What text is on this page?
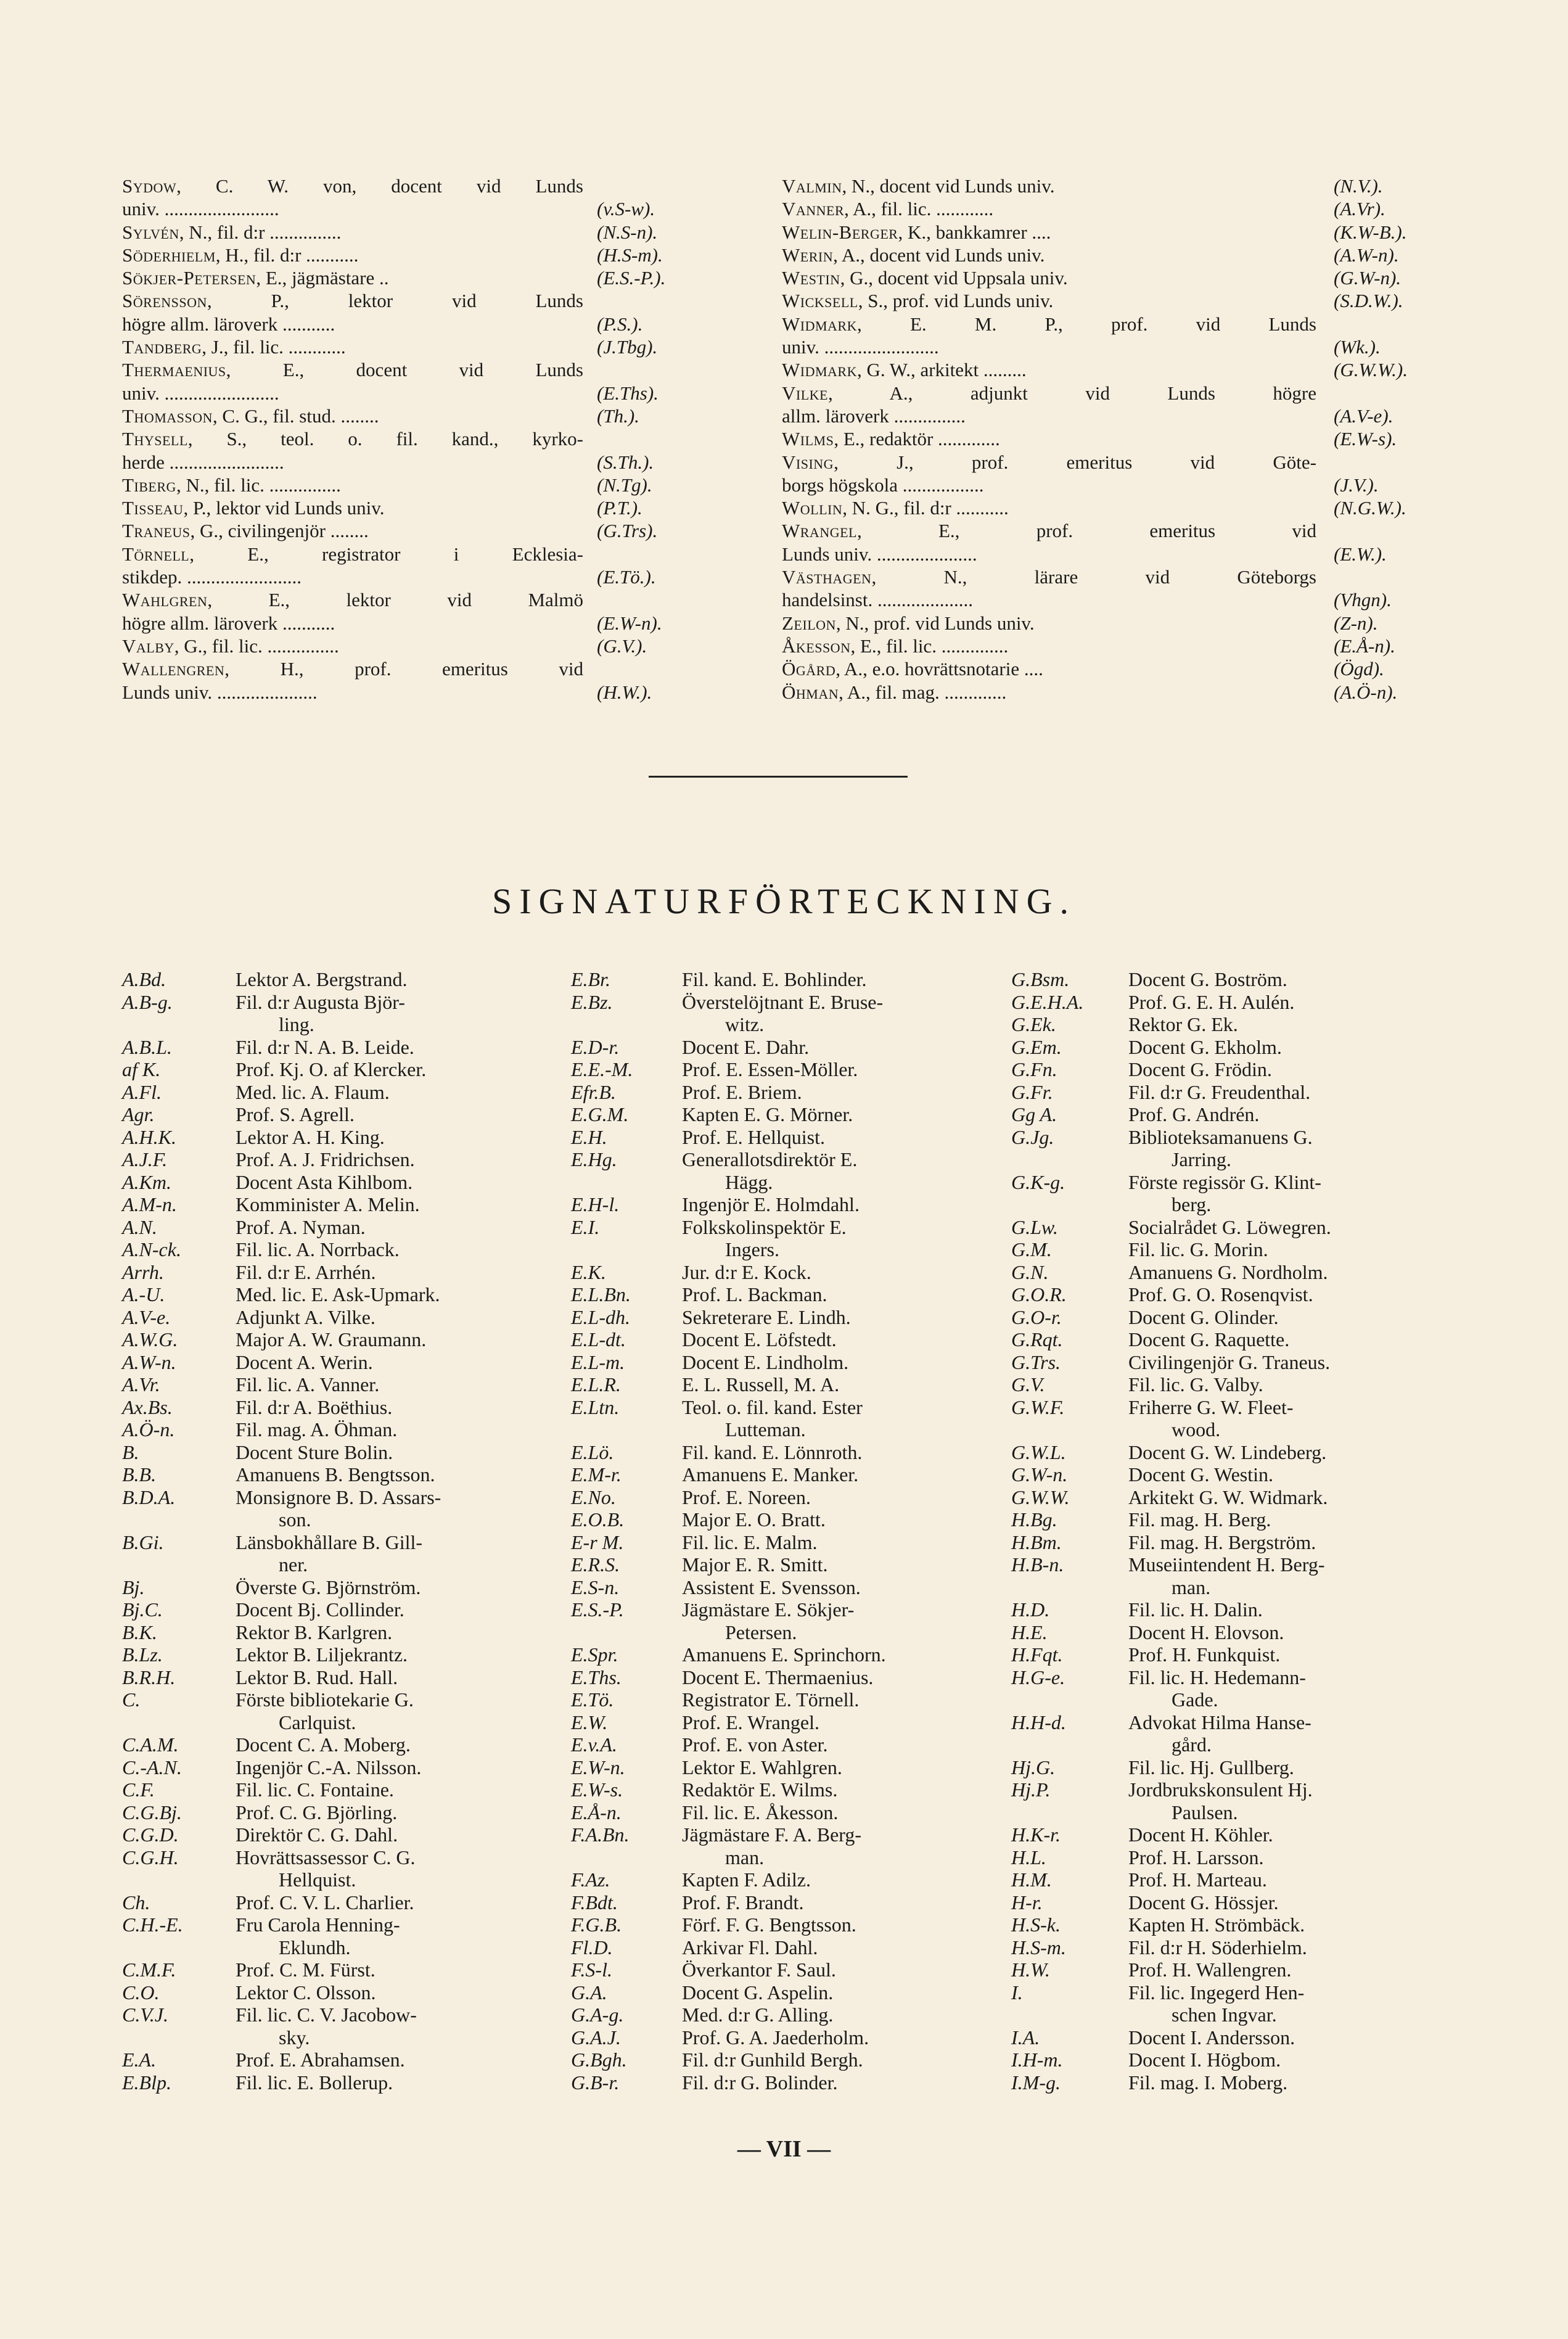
Sydow, C. W. von, docent vid Lunds
univ. ........................	(v.S-w).
Sylvén, N., fil. d:r ...............	(N.S-n).
Söderhielm, H., fil. d:r ...........	(H.S-m).
Sökjer-Petersen, E., jägmästare ..	(E.S.-P.).
Sörensson, P., lektor vid Lunds
högre allm. läroverk ...........	(P.S.).
Tandberg, J., fil. lic. ............	(J.Tbg).
Thermaenius, E., docent vid Lunds
univ. ........................	(E.Ths).
Thomasson, C. G., fil. stud. ........	(Th.).
Thysell, S., teol. o. fil. kand., kyrko-
herde ........................	(S.Th.).
Tiberg, N., fil. lic. ...............	(N.Tg).
Tisseau, P., lektor vid Lunds univ.	(P.T.).
Traneus, G., civilingenjör ........	(G.Trs).
Törnell, E., registrator i Ecklesia-
stikdep. ........................	(E.Tö.).
Wahlgren, E., lektor vid Malmö
högre allm. läroverk ...........	(E.W-n).
Valby, G., fil. lic. ...............	(G.V.).
Wallengren, H., prof. emeritus vid
Lunds univ. .....................	(H.W.).
Valmin, N., docent vid Lunds univ.	(N.V.).
Vanner, A., fil. lic. ............	(A.Vr).
Welin-Berger, K., bankkamrer ....	(K.W-B.).
Werin, A., docent vid Lunds univ.	(A.W-n).
Westin, G., docent vid Uppsala univ.	(G.W-n).
Wicksell, S., prof. vid Lunds univ.	(S.D.W.).
Widmark, E. M. P., prof. vid Lunds
univ. ........................	(Wk.).
Widmark, G. W., arkitekt .........	(G.W.W.).
Vilke, A., adjunkt vid Lunds högre
allm. läroverk ...............	(A.V-e).
Wilms, E., redaktör .............	(E.W-s).
Vising, J., prof. emeritus vid Göte-
borgs högskola .................	(J.V.).
Wollin, N. G., fil. d:r ...........	(N.G.W.).
Wrangel, E., prof. emeritus vid
Lunds univ. .....................	(E.W.).
Västhagen, N., lärare vid Göteborgs
handelsinst. ....................	(Vhgn).
Zeilon, N., prof. vid Lunds univ.	(Z-n).
Åkesson, E., fil. lic. ..............	(E.Å-n).
Ögård, A., e.o. hovrättsnotarie ....	(Ögd).
Öhman, A., fil. mag. .............	(A.Ö-n).
SIGNATURFÖRTECKNING.
A.Bd.	Lektor A. Bergstrand.
A.B-g.	Fil. d:r Augusta Björ-
ling.
A.B.L.	Fil. d:r N. A. B. Leide.
af K.	Prof. Kj. O. af Klercker.
A.Fl.	Med. lic. A. Flaum.
Agr.	Prof. S. Agrell.
A.H.K.	Lektor A. H. King.
A.J.F.	Prof. A. J. Fridrichsen.
A.Km.	Docent Asta Kihlbom.
A.M-n.	Komminister A. Melin.
A.N.	Prof. A. Nyman.
A.N-ck.	Fil. lic. A. Norrback.
Arrh.	Fil. d:r E. Arrhén.
A.-U.	Med. lic. E. Ask-Upmark.
A.V-e.	Adjunkt A. Vilke.
A.W.G.	Major A. W. Graumann.
A.W-n.	Docent A. Werin.
A.Vr.	Fil. lic. A. Vanner.
Ax.Bs.	Fil. d:r A. Boëthius.
A.Ö-n.	Fil. mag. A. Öhman.
B.	Docent Sture Bolin.
B.B.	Amanuens B. Bengtsson.
B.D.A.	Monsignore B. D. Assars-
son.
B.Gi.	Länsbokhållare B. Gill-
ner.
Bj.	Överste G. Björnström.
Bj.C.	Docent Bj. Collinder.
B.K.	Rektor B. Karlgren.
B.Lz.	Lektor B. Liljekrantz.
B.R.H.	Lektor B. Rud. Hall.
C.	Förste bibliotekarie G.
Carlquist.
C.A.M.	Docent C. A. Moberg.
C.-A.N.	Ingenjör C.-A. Nilsson.
C.F.	Fil. lic. C. Fontaine.
C.G.Bj.	Prof. C. G. Björling.
C.G.D.	Direktör C. G. Dahl.
C.G.H.	Hovrättsassessor C. G.
Hellquist.
Ch.	Prof. C. V. L. Charlier.
C.H.-E.	Fru Carola Henning-
Eklundh.
C.M.F.	Prof. C. M. Fürst.
C.O.	Lektor C. Olsson.
C.V.J.	Fil. lic. C. V. Jacobow-
sky.
E.A.	Prof. E. Abrahamsen.
E.Blp.	Fil. lic. E. Bollerup.
E.Br.	Fil. kand. E. Bohlinder.
E.Bz.	Överstelöjtnant E. Bruse-
witz.
E.D-r.	Docent E. Dahr.
E.E.-M.	Prof. E. Essen-Möller.
Efr.B.	Prof. E. Briem.
E.G.M.	Kapten E. G. Mörner.
E.H.	Prof. E. Hellquist.
E.Hg.	Generallotsdirektör E.
Hägg.
E.H-l.	Ingenjör E. Holmdahl.
E.I.	Folkskolinspektör E.
Ingers.
E.K.	Jur. d:r E. Kock.
E.L.Bn.	Prof. L. Backman.
E.L-dh.	Sekreterare E. Lindh.
E.L-dt.	Docent E. Löfstedt.
E.L-m.	Docent E. Lindholm.
E.L.R.	E. L. Russell, M. A.
E.Ltn.	Teol. o. fil. kand. Ester
Lutteman.
E.Lö.	Fil. kand. E. Lönnroth.
E.M-r.	Amanuens E. Manker.
E.No.	Prof. E. Noreen.
E.O.B.	Major E. O. Bratt.
E-r M.	Fil. lic. E. Malm.
E.R.S.	Major E. R. Smitt.
E.S-n.	Assistent E. Svensson.
E.S.-P.	Jägmästare E. Sökjer-
Petersen.
E.Spr.	Amanuens E. Sprinchorn.
E.Ths.	Docent E. Thermaenius.
E.Tö.	Registrator E. Törnell.
E.W.	Prof. E. Wrangel.
E.v.A.	Prof. E. von Aster.
E.W-n.	Lektor E. Wahlgren.
E.W-s.	Redaktör E. Wilms.
E.Å-n.	Fil. lic. E. Åkesson.
F.A.Bn.	Jägmästare F. A. Berg-
man.
F.Az.	Kapten F. Adilz.
F.Bdt.	Prof. F. Brandt.
F.G.B.	Förf. F. G. Bengtsson.
Fl.D.	Arkivar Fl. Dahl.
F.S-l.	Överkantor F. Saul.
G.A.	Docent G. Aspelin.
G.A-g.	Med. d:r G. Alling.
G.A.J.	Prof. G. A. Jaederholm.
G.Bgh.	Fil. d:r Gunhild Bergh.
G.B-r.	Fil. d:r G. Bolinder.
G.Bsm.	Docent G. Boström.
G.E.H.A.	Prof. G. E. H. Aulén.
G.Ek.	Rektor G. Ek.
G.Em.	Docent G. Ekholm.
G.Fn.	Docent G. Frödin.
G.Fr.	Fil. d:r G. Freudenthal.
Gg A.	Prof. G. Andrén.
G.Jg.	Biblioteksamanuens G.
Jarring.
G.K-g.	Förste regissör G. Klint-
berg.
G.Lw.	Socialrådet G. Löwegren.
G.M.	Fil. lic. G. Morin.
G.N.	Amanuens G. Nordholm.
G.O.R.	Prof. G. O. Rosenqvist.
G.O-r.	Docent G. Olinder.
G.Rqt.	Docent G. Raquette.
G.Trs.	Civilingenjör G. Traneus.
G.V.	Fil. lic. G. Valby.
G.W.F.	Friherre G. W. Fleet-
wood.
G.W.L.	Docent G. W. Lindeberg.
G.W-n.	Docent G. Westin.
G.W.W.	Arkitekt G. W. Widmark.
H.Bg.	Fil. mag. H. Berg.
H.Bm.	Fil. mag. H. Bergström.
H.B-n.	Museiintendent H. Berg-
man.
H.D.	Fil. lic. H. Dalin.
H.E.	Docent H. Elovson.
H.Fqt.	Prof. H. Funkquist.
H.G-e.	Fil. lic. H. Hedemann-
Gade.
H.H-d.	Advokat Hilma Hanse-
gård.
Hj.G.	Fil. lic. Hj. Gullberg.
Hj.P.	Jordbrukskonsulent Hj.
Paulsen.
H.K-r.	Docent H. Köhler.
H.L.	Prof. H. Larsson.
H.M.	Prof. H. Marteau.
H-r.	Docent G. Hössjer.
H.S-k.	Kapten H. Strömbäck.
H.S-m.	Fil. d:r H. Söderhielm.
H.W.	Prof. H. Wallengren.
I.	Fil. lic. Ingegerd Hen-
schen Ingvar.
I.A.	Docent I. Andersson.
I.H-m.	Docent I. Högbom.
I.M-g.	Fil. mag. I. Moberg.
— VII —
